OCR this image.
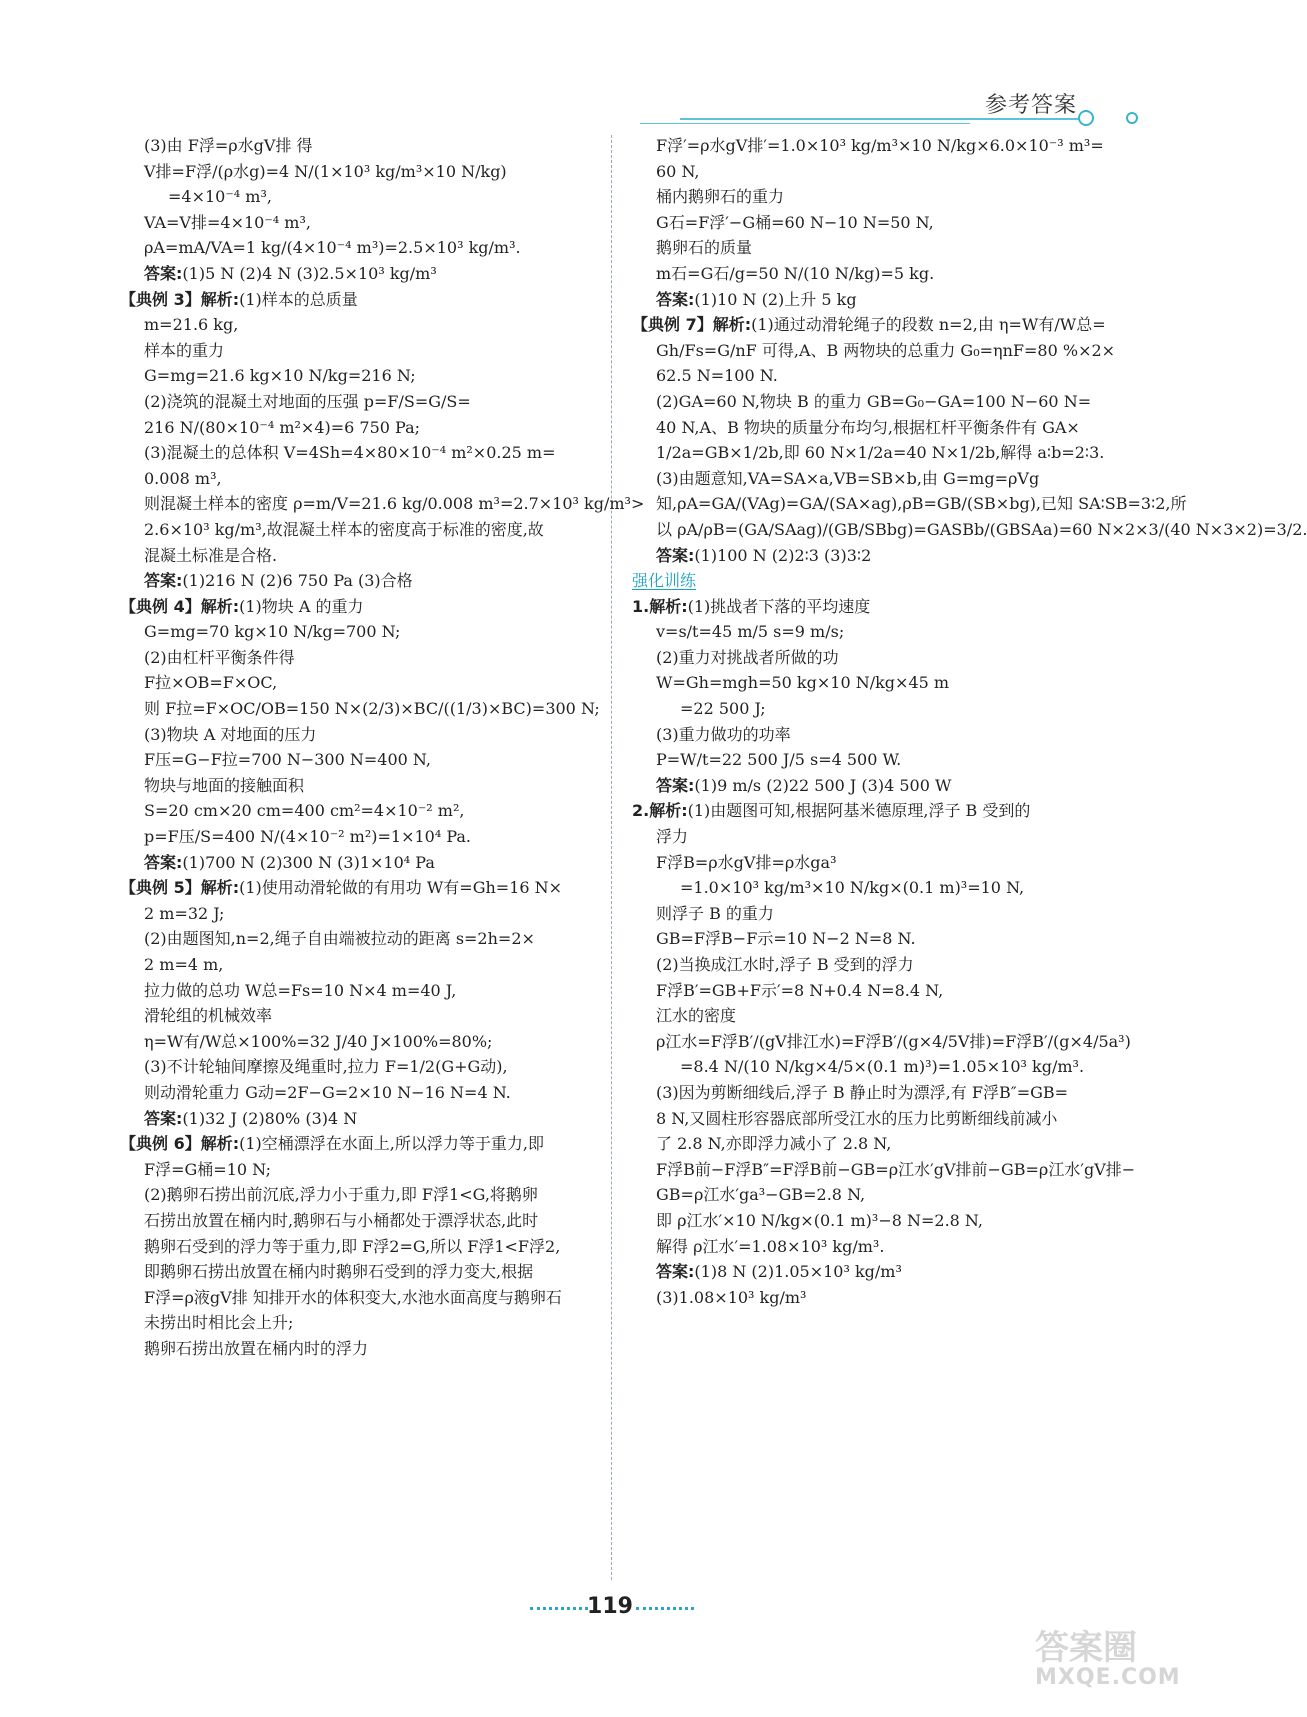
参考答案

(3)由 F浮=ρ水gV排 得

V排=F浮/(ρ水g)=4 N/(1×10³ kg/m³×10 N/kg)

=4×10⁻⁴ m³,

VA=V排=4×10⁻⁴ m³,

ρA=mA/VA=1 kg/(4×10⁻⁴ m³)=2.5×10³ kg/m³.

答案:(1)5 N (2)4 N (3)2.5×10³ kg/m³

【典例 3】解析:(1)样本的总质量

m=21.6 kg,

样本的重力

G=mg=21.6 kg×10 N/kg=216 N;

(2)浇筑的混凝土对地面的压强 p=F/S=G/S=

216 N/(80×10⁻⁴ m²×4)=6 750 Pa;

(3)混凝土的总体积 V=4Sh=4×80×10⁻⁴ m²×0.25 m=

0.008 m³,

则混凝土样本的密度 ρ=m/V=21.6 kg/0.008 m³=2.7×10³ kg/m³>

2.6×10³ kg/m³,故混凝土样本的密度高于标准的密度,故

混凝土标准是合格.

答案:(1)216 N (2)6 750 Pa (3)合格

【典例 4】解析:(1)物块 A 的重力

G=mg=70 kg×10 N/kg=700 N;

(2)由杠杆平衡条件得

F拉×OB=F×OC,

则 F拉=F×OC/OB=150 N×(2/3)×BC/((1/3)×BC)=300 N;

(3)物块 A 对地面的压力

F压=G−F拉=700 N−300 N=400 N,

物块与地面的接触面积

S=20 cm×20 cm=400 cm²=4×10⁻² m²,

p=F压/S=400 N/(4×10⁻² m²)=1×10⁴ Pa.

答案:(1)700 N (2)300 N (3)1×10⁴ Pa

【典例 5】解析:(1)使用动滑轮做的有用功 W有=Gh=16 N×

2 m=32 J;

(2)由题图知,n=2,绳子自由端被拉动的距离 s=2h=2×

2 m=4 m,

拉力做的总功 W总=Fs=10 N×4 m=40 J,

滑轮组的机械效率

η=W有/W总×100%=32 J/40 J×100%=80%;

(3)不计轮轴间摩擦及绳重时,拉力 F=1/2(G+G动),

则动滑轮重力 G动=2F−G=2×10 N−16 N=4 N.

答案:(1)32 J (2)80% (3)4 N

【典例 6】解析:(1)空桶漂浮在水面上,所以浮力等于重力,即

F浮=G桶=10 N;

(2)鹅卵石捞出前沉底,浮力小于重力,即 F浮1<G,将鹅卵

石捞出放置在桶内时,鹅卵石与小桶都处于漂浮状态,此时

鹅卵石受到的浮力等于重力,即 F浮2=G,所以 F浮1<F浮2,

即鹅卵石捞出放置在桶内时鹅卵石受到的浮力变大,根据

F浮=ρ液gV排 知排开水的体积变大,水池水面高度与鹅卵石

未捞出时相比会上升;

鹅卵石捞出放置在桶内时的浮力

F浮′=ρ水gV排′=1.0×10³ kg/m³×10 N/kg×6.0×10⁻³ m³=

60 N,

桶内鹅卵石的重力

G石=F浮′−G桶=60 N−10 N=50 N,

鹅卵石的质量

m石=G石/g=50 N/(10 N/kg)=5 kg.

答案:(1)10 N (2)上升 5 kg

【典例 7】解析:(1)通过动滑轮绳子的段数 n=2,由 η=W有/W总=

Gh/Fs=G/nF 可得,A、B 两物块的总重力 G₀=ηnF=80 %×2×

62.5 N=100 N.

(2)GA=60 N,物块 B 的重力 GB=G₀−GA=100 N−60 N=

40 N,A、B 物块的质量分布均匀,根据杠杆平衡条件有 GA×

1/2a=GB×1/2b,即 60 N×1/2a=40 N×1/2b,解得 a∶b=2∶3.

(3)由题意知,VA=SA×a,VB=SB×b,由 G=mg=ρVg

知,ρA=GA/(VAg)=GA/(SA×ag),ρB=GB/(SB×bg),已知 SA∶SB=3∶2,所

以 ρA/ρB=(GA/SAag)/(GB/SBbg)=GASBb/(GBSAa)=60 N×2×3/(40 N×3×2)=3/2.

答案:(1)100 N (2)2∶3 (3)3∶2

强化训练

1.解析:(1)挑战者下落的平均速度

v=s/t=45 m/5 s=9 m/s;

(2)重力对挑战者所做的功

W=Gh=mgh=50 kg×10 N/kg×45 m

=22 500 J;

(3)重力做功的功率

P=W/t=22 500 J/5 s=4 500 W.

答案:(1)9 m/s (2)22 500 J (3)4 500 W

2.解析:(1)由题图可知,根据阿基米德原理,浮子 B 受到的

浮力

F浮B=ρ水gV排=ρ水ga³

=1.0×10³ kg/m³×10 N/kg×(0.1 m)³=10 N,

则浮子 B 的重力

GB=F浮B−F示=10 N−2 N=8 N.

(2)当换成江水时,浮子 B 受到的浮力

F浮B′=GB+F示′=8 N+0.4 N=8.4 N,

江水的密度

ρ江水=F浮B′/(gV排江水)=F浮B′/(g×4/5V排)=F浮B′/(g×4/5a³)

=8.4 N/(10 N/kg×4/5×(0.1 m)³)=1.05×10³ kg/m³.

(3)因为剪断细线后,浮子 B 静止时为漂浮,有 F浮B″=GB=

8 N,又圆柱形容器底部所受江水的压力比剪断细线前减小

了 2.8 N,亦即浮力减小了 2.8 N,

F浮B前−F浮B″=F浮B前−GB=ρ江水′gV排前−GB=ρ江水′gV排−

GB=ρ江水′ga³−GB=2.8 N,

即 ρ江水′×10 N/kg×(0.1 m)³−8 N=2.8 N,

解得 ρ江水′=1.08×10³ kg/m³.

答案:(1)8 N (2)1.05×10³ kg/m³

(3)1.08×10³ kg/m³

119
答案圈
MXQE.COM
